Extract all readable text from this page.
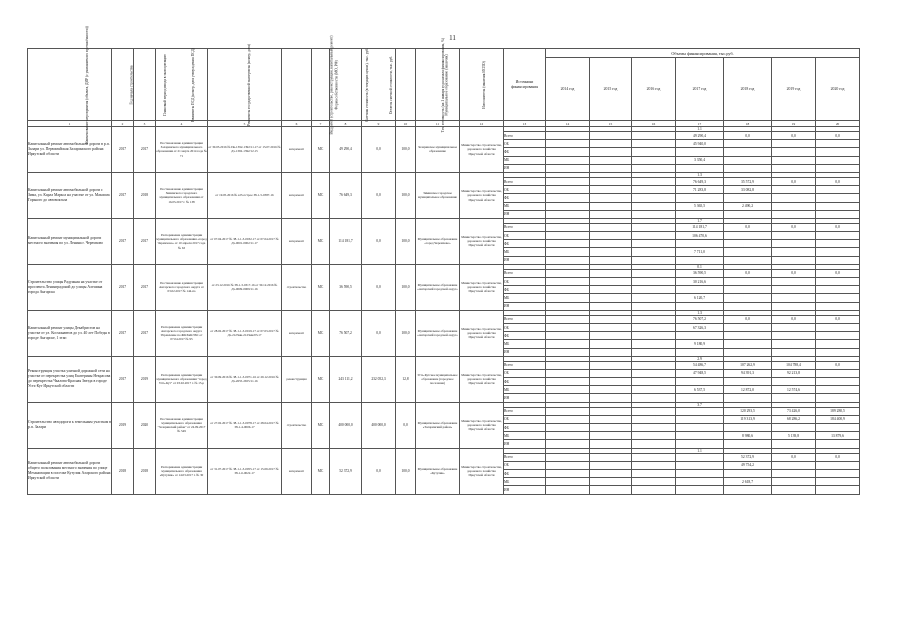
11
Наименование мероприятия (объекта, ДИР (с указанием их протяжённости))	Год начала строительства	Плановый период ввода в эксплуатацию	Реквизиты ПСД (номер, дата утверждения ПСД)	Реквизиты государственной экспертизы (номер, дата)	Вид работ (строительство, реконструкция, капитальный ремонт)	Форма собственности (МО, РФ)	Сметная стоимость (в текущих ценах), тыс. руб.	Остаток сметной стоимости, тыс. руб.	Тех. готовность (на 1 января года начала финансирования, %)	Муниципальное образование (заказчик)	Исполнитель (заказчик ИСПО)	Источники финансирования	Объемы финансирования, тыс.руб.						
													2014 год	2015 год	2016 год	2017 год	2018 год	2019 год	2020 год
1	2	3	4	5	6	7	8	9	10	11	12	13	14	15	16	17	18	19	20
Капитальный ремонт автомобильной дороги в р.п. Залари ул. Первомайская Заларинского района Иркутской области	2017	2017	Постановление администрации Заларинского муниципального образования от 21 марта 2014 года № 71	от 30.03.2016 № Пв-1392-1392/11.17 от 15.07.2016 № Дз-1392-1392/12.15	кап.ремонт	МС	49 290,4	0,0	100,0	Заларинское муниципальное образование	Министерство строительства, дорожного хозяйства Иркутской области					1.1			
												Всего				49 290,4	0,0	0,0	0,0
												ОБ				45 940,0			
												ФБ							
												МБ				3 350,4			
												ИН							
Капитальный ремонт автомобильной дороги г. Зима, ул. Карла Маркса на участке от ул. Максима Горького до автовокзала	2017	2018	Постановление администрации Зиминского городского муниципального образования от 16.03.2017 г. № 138	от 19.05.2016 № в Росстрое 38-1-5-0387-16	кап.ремонт	МС	76 649,3	0,0	100,0	Зиминское городское муниципальное образование	Министерство строительства, дорожного хозяйства Иркутской области					1.3			
												Всего				76 649,3	35 572,9	0,0	0,0
												ОБ				71 283,8	33 082,8		
												ФБ							
												МБ				5 365,5	2 490,2		
												ИН							
Капитальный ремонт муниципальной дороги местного значения по ул. Ленина г. Черемхово	2017	2017	Распоряжение администрации муниципального образования «город Черемхово» от 10 апреля 2017 года № 63	от 07.04.2017 № 38-1-1-3-0032-17 от 07.04.2017 № Дз-0001-0002/11.17	кап.ремонт	МС	114 181,7	0,0	100,0	Муниципальное образование «город Черемхово»	Министерство строительства, дорожного хозяйства Иркутской области					1.7			
												Всего				114 181,7	0,0	0,0	0,0
												ОБ				106 470,6			
												ФБ							
												МБ				7 711,0			
												ИН							
Строительство улицы Радужная на участке от проспекта Ленинградский до улицы Алешина города Ангарска	2017	2017	Постановление администрации Ангарского городского округа от 03.02.2017 № 144-па	от 23.12.2016 № 38-1-3-0317-16 от 30.12.2016 № Дз-0009-0009/11.16	строительство	МС	36 590,5	0,0	100,0	Муниципальное образование «Ангарский городской округ»	Министерство строительства, дорожного хозяйства Иркутской области					0.1			
												Всего				36 590,5	0,0	0,0	0,0
												ОБ				30 216,6			
												ФБ							
												МБ				6 120,7			
												ИН							
Капитальный ремонт улицы Декабристов на участке от ул. Космонавтов до ул. 40 лет Победы в городе Ангарске, 1 этап	2017	2017	Распоряжение администрации Ангарского городского округа Управление по ЖКХиКЭХС от 07.04.2017 № 95	от 28.02.2017 № 38-1-1-3-0019-17 от 07.03.2017 № Дз-2123мн-2123мн/03.17	кап.ремонт	МС	76 507,2	0,0	100,0	Муниципальное образование «Ангарский городской округ»	Министерство строительства, дорожного хозяйства Иркутской области					1.3			
												Всего				76 507,2	0,0	0,0	0,0
												ОБ				67 326,3			
												ФБ							
												МБ				9 180,9			
												ИН							
Реконструкция участка уличной дорожной сети на участке от перекрестка улиц Екатерины Некрасова до перекрестка Чкалова-Красная Звезда в городе Усть-Кут Иркутской области	2017	2019	Распоряжение администрации муниципального образования "город Усть-Кут" от 03.02.2017 г. № 15-р	от 30.09.2016 № 38-1-1-3-0071-16 от 29.12.2016 № Дз-2655-2655/11.16	реконструкция	МС	243 111,2	232 052,3	12,8	Усть-Кутское муниципальное образование (городское поселение)	Министерство строительства, дорожного хозяйства Иркутской области					2.9			
												Всего				54 486,7	107 262,9	104 788,4	0,0
												ОБ				47 948,5	94 391,3	92 213,8	
												ФБ							
												МБ				6 537,5	12 872,0	12 574,6	
												ИН							
Строительство автодороги к земельным участкам в р.п. Залари	2019	2020	Постановление администрации муниципального образования "Заларинский район" от 24.09.2017 № 549	от 27.02.2017 № 38-1-1-3-0078-17 от 28.04.2017 № 38-1-4-0006-17	строительство	МС	400 000,0	400 000,0	0,0	Муниципальное образование «Заларинский район»	Министерство строительства, дорожного хозяйства Иркутской области					3.7			
												Всего					120 293,5	73 426,0	189 280,5
												ОБ					119 313,9	68 286,2	184 400,9
												ФБ							
												МБ					8 980,6	5 139,8	13 879,6
												ИН							
Капитальный ремонт автомобильной дороги общего пользования местного значения по улице Механизации в поселке Кутулик Аларского района Иркутской области	2018	2018	Распоряжение администрации муниципального образования «Кутулик» от 14.03.2017 г. № 30	от 31.07.2017 № 38-1-1-3-0055-17 от 15.09.2017 № 38-1-6-0022-17	кап.ремонт	МС	52 372,9	0,0	100,0	Муниципальное образование «Кутулик»	Министерство строительства, дорожного хозяйства Иркутской области					1.1			
												Всего					52 372,9	0,0	0,0
												ОБ					49 754,2		
												ФБ							
												МБ					2 618,7		
												ИН							
